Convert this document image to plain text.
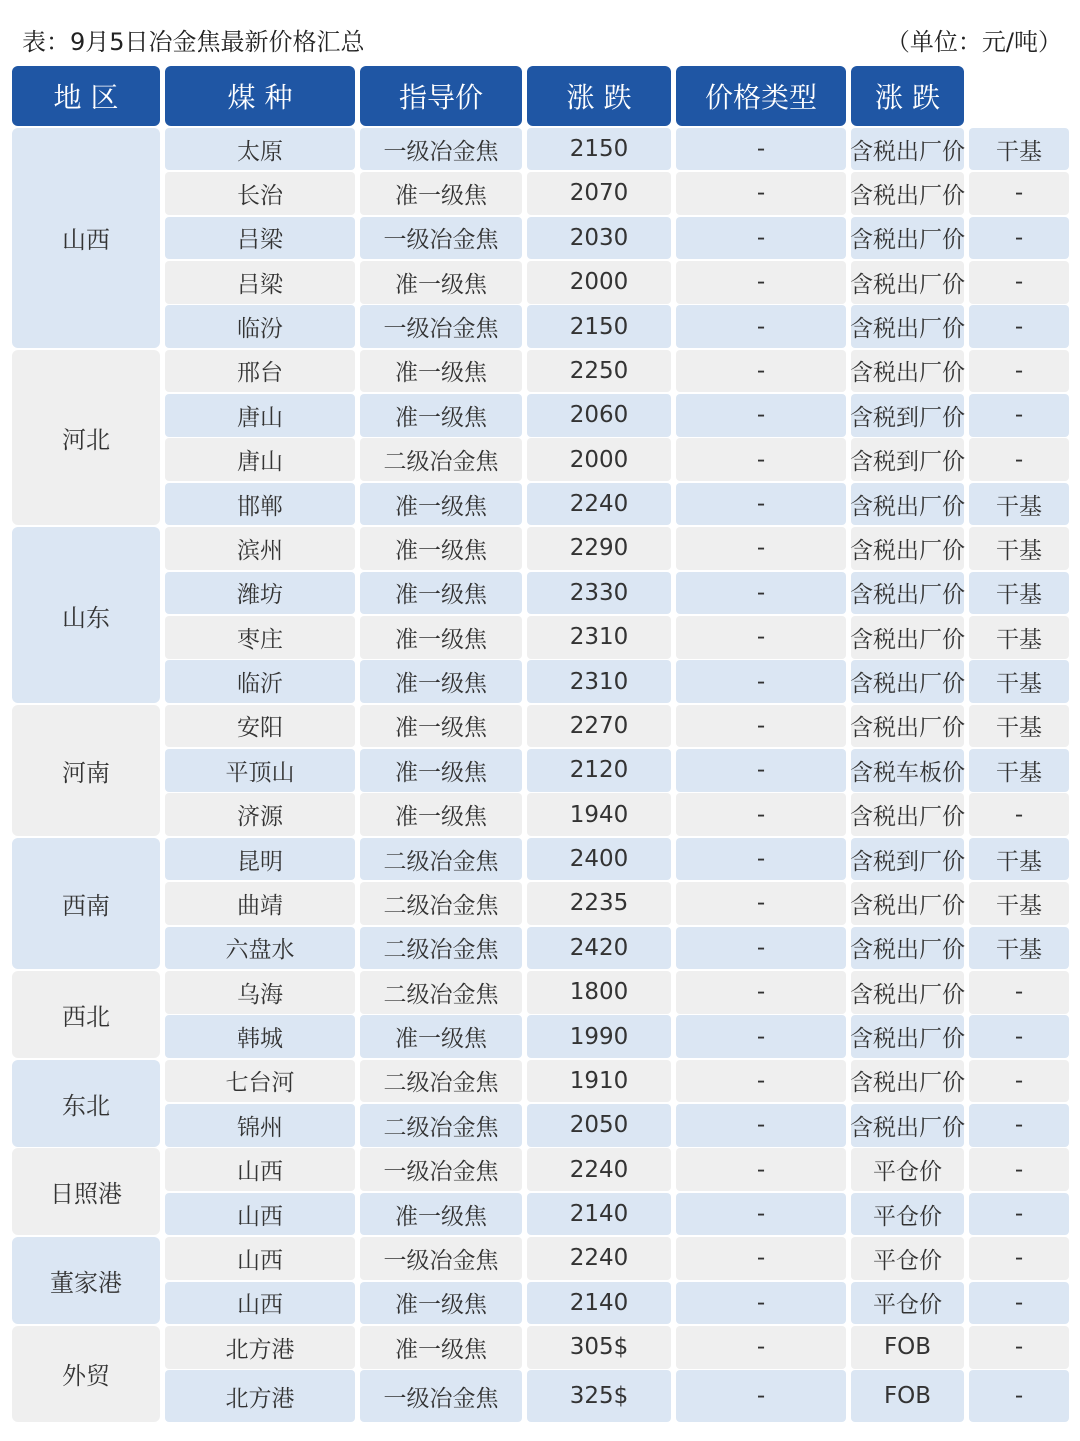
表：9月5日冶金焦最新价格汇总	（单位：元/吨）
地 区	煤 种	指导价	涨 跌	价格类型	涨 跌
山西
太原	一级冶金焦	2150	-	含税出厂价	干基
长治	准一级焦	2070	-	含税出厂价	-
吕梁	一级冶金焦	2030	-	含税出厂价	-
吕梁	准一级焦	2000	-	含税出厂价	-
临汾	一级冶金焦	2150	-	含税出厂价	-
河北
邢台	准一级焦	2250	-	含税出厂价	-
唐山	准一级焦	2060	-	含税到厂价	-
唐山	二级冶金焦	2000	-	含税到厂价	-
邯郸	准一级焦	2240	-	含税出厂价	干基
山东
滨州	准一级焦	2290	-	含税出厂价	干基
潍坊	准一级焦	2330	-	含税出厂价	干基
枣庄	准一级焦	2310	-	含税出厂价	干基
临沂	准一级焦	2310	-	含税出厂价	干基
河南
安阳	准一级焦	2270	-	含税出厂价	干基
平顶山	准一级焦	2120	-	含税车板价	干基
济源	准一级焦	1940	-	含税出厂价	-
西南
昆明	二级冶金焦	2400	-	含税到厂价	干基
曲靖	二级冶金焦	2235	-	含税出厂价	干基
六盘水	二级冶金焦	2420	-	含税出厂价	干基
西北
乌海	二级冶金焦	1800	-	含税出厂价	-
韩城	准一级焦	1990	-	含税出厂价	-
东北
七台河	二级冶金焦	1910	-	含税出厂价	-
锦州	二级冶金焦	2050	-	含税出厂价	-
日照港
山西	一级冶金焦	2240	-	平仓价	-
山西	准一级焦	2140	-	平仓价	-
董家港
山西	一级冶金焦	2240	-	平仓价	-
山西	准一级焦	2140	-	平仓价	-
外贸
北方港	准一级焦	305$	-	FOB	-
北方港	一级冶金焦	325$	-	FOB	-
